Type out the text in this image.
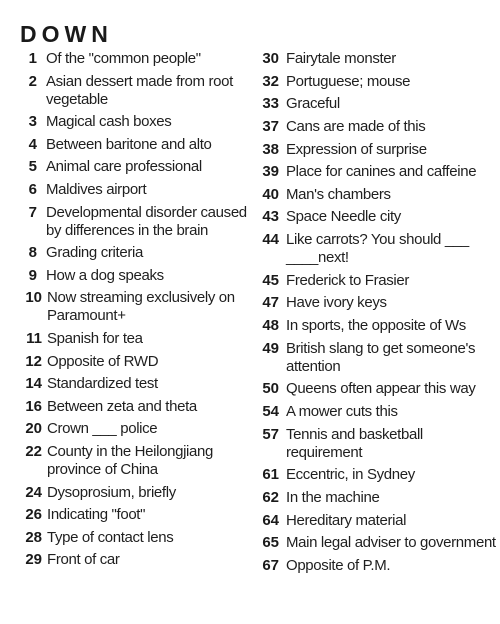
DOWN
1 Of the "common people"
2 Asian dessert made from root vegetable
3 Magical cash boxes
4 Between baritone and alto
5 Animal care professional
6 Maldives airport
7 Developmental disorder caused by differences in the brain
8 Grading criteria
9 How a dog speaks
10 Now streaming exclusively on Paramount+
11 Spanish for tea
12 Opposite of RWD
14 Standardized test
16 Between zeta and theta
20 Crown ___ police
22 County in the Heilongjiang province of China
24 Dysoprosium, briefly
26 Indicating "foot"
28 Type of contact lens
29 Front of car
30 Fairytale monster
32 Portuguese; mouse
33 Graceful
37 Cans are made of this
38 Expression of surprise
39 Place for canines and caffeine
40 Man's chambers
43 Space Needle city
44 Like carrots? You should ___ ____next!
45 Frederick to Frasier
47 Have ivory keys
48 In sports, the opposite of Ws
49 British slang to get someone's attention
50 Queens often appear this way
54 A mower cuts this
57 Tennis and basketball requirement
61 Eccentric, in Sydney
62 In the machine
64 Hereditary material
65 Main legal adviser to government
67 Opposite of P.M.
